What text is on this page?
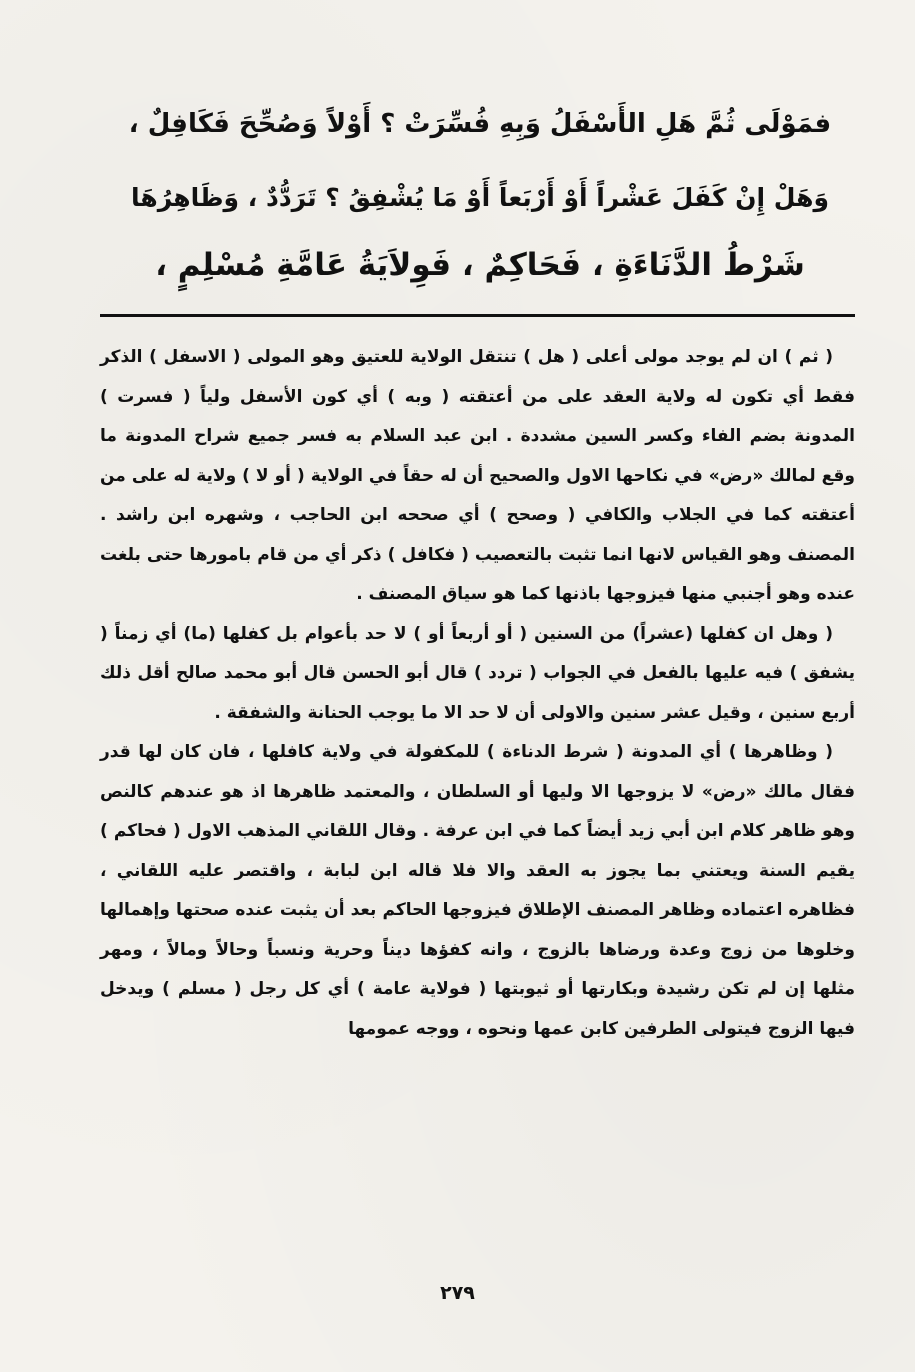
فمَوْلَى ثُمَّ هَلِ الأَسْفَلُ وَبِهِ فُسِّرَتْ ؟ أَوْلاً وَصُحِّحَ فَكَافِلٌ ،
وَهَلْ إِنْ كَفَلَ عَشْراً أَوْ أَرْبَعاً أَوْ مَا يُشْفِقُ ؟ تَرَدُّدٌ ، وَظَاهِرُهَا
شَرْطُ الدَّنَاءَةِ ، فَحَاكِمٌ ، فَوِلاَيَةُ عَامَّةِ مُسْلِمٍ ،

( ثم ) ان لم يوجد مولى أعلى ( هل ) تنتقل الولاية للعتيق وهو المولى ( الاسفل ) الذكر فقط أي تكون له ولاية العقد على من أعتقته ( وبه ) أي كون الأسفل ولياً ( فسرت ) المدونة بضم الفاء وكسر السين مشددة . ابن عبد السلام به فسر جميع شراح المدونة ما وقع لمالك «رض» في نكاحها الاول والصحيح أن له حقاً في الولاية ( أو لا ) ولاية له على من أعتقته كما في الجلاب والكافي ( وصحح ) أي صححه ابن الحاجب ، وشهره ابن راشد . المصنف وهو القياس لانها انما تثبت بالتعصيب ( فكافل ) ذكر أي من قام بامورها حتى بلغت عنده وهو أجنبي منها فيزوجها باذنها كما هو سياق المصنف .

( وهل ان كفلها (عشراً) من السنين ( أو أربعاً أو ) لا حد بأعوام بل كفلها (ما) أي زمناً ( يشفق ) فيه عليها بالفعل في الجواب ( تردد ) قال أبو الحسن قال أبو محمد صالح أقل ذلك أربع سنين ، وقيل عشر سنين والاولى أن لا حد الا ما يوجب الحنانة والشفقة .

( وظاهرها ) أي المدونة ( شرط الدناءة ) للمكفولة في ولاية كافلها ، فان كان لها قدر فقال مالك «رض» لا يزوجها الا وليها أو السلطان ، والمعتمد ظاهرها اذ هو عندهم كالنص وهو ظاهر كلام ابن أبي زيد أيضاً كما في ابن عرفة . وقال اللقاني المذهب الاول ( فحاكم ) يقيم السنة ويعتني بما يجوز به العقد والا فلا قاله ابن لبابة ، واقتصر عليه اللقاني ، فظاهره اعتماده وظاهر المصنف الإطلاق فيزوجها الحاكم بعد أن يثبت عنده صحتها وإهمالها وخلوها من زوج وعدة ورضاها بالزوج ، وانه كفؤها ديناً وحرية ونسباً وحالاً ومالاً ، ومهر مثلها إن لم تكن رشيدة وبكارتها أو ثيوبتها ( فولاية عامة ) أي كل رجل ( مسلم ) ويدخل فيها الزوج فيتولى الطرفين كابن عمها ونحوه ، ووجه عمومها

٢٧٩
